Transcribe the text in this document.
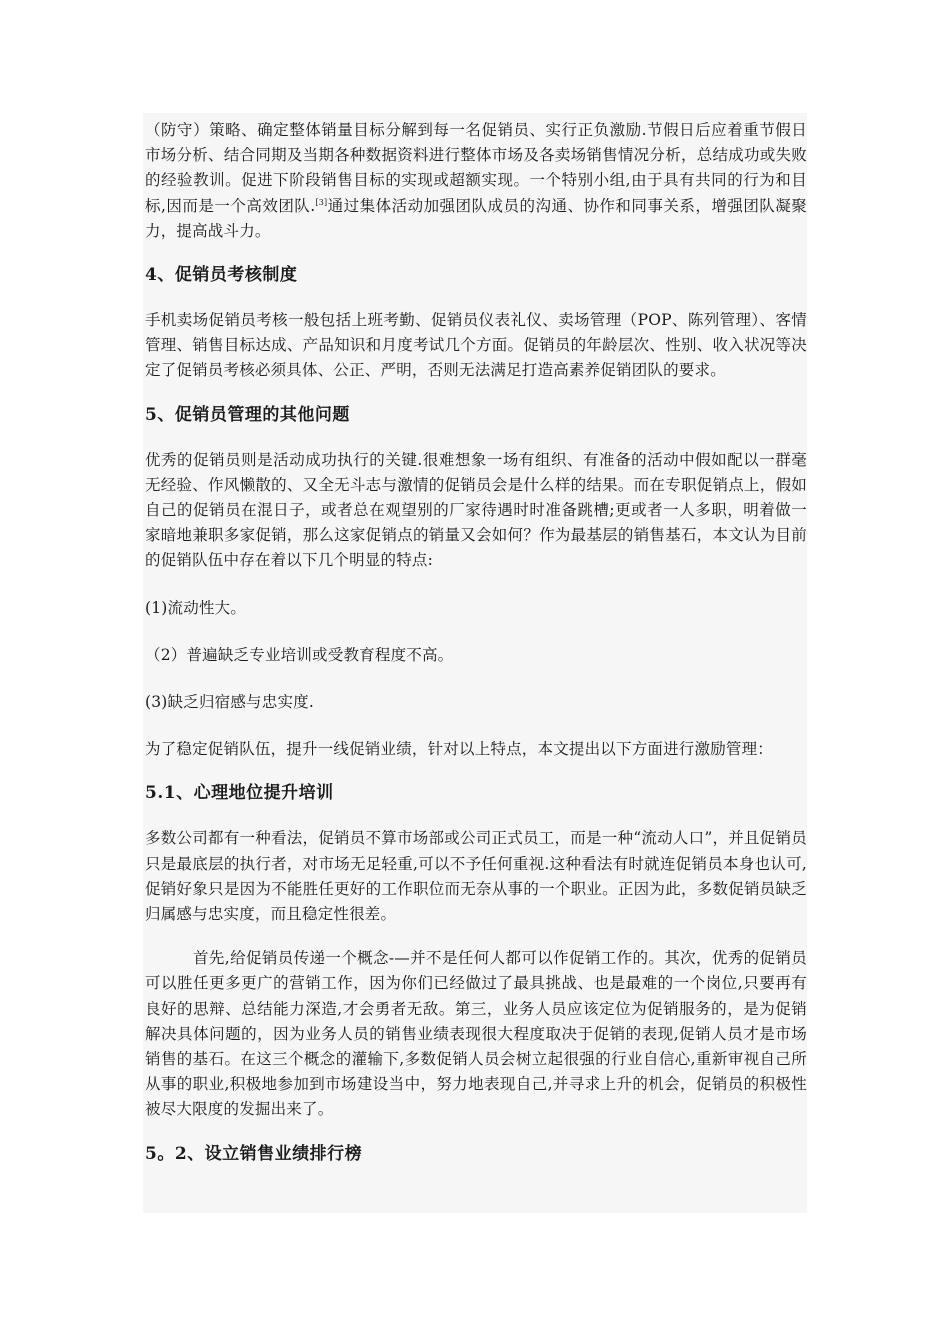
（防守）策略、确定整体销量目标分解到每一名促销员、实行正负激励.节假日后应着重节假日市场分析、结合同期及当期各种数据资料进行整体市场及各卖场销售情况分析，总结成功或失败的经验教训。促进下阶段销售目标的实现或超额实现。一个特别小组,由于具有共同的行为和目标,因而是一个高效团队.[3]通过集体活动加强团队成员的沟通、协作和同事关系，增强团队凝聚力，提高战斗力。

4、促销员考核制度

手机卖场促销员考核一般包括上班考勤、促销员仪表礼仪、卖场管理（POP、陈列管理）、客情管理、销售目标达成、产品知识和月度考试几个方面。促销员的年龄层次、性别、收入状况等决定了促销员考核必须具体、公正、严明，否则无法满足打造高素养促销团队的要求。

5、促销员管理的其他问题

优秀的促销员则是活动成功执行的关键.很难想象一场有组织、有准备的活动中假如配以一群毫无经验、作风懒散的、又全无斗志与激情的促销员会是什么样的结果。而在专职促销点上，假如自己的促销员在混日子，或者总在观望别的厂家待遇时时准备跳槽;更或者一人多职，明着做一家暗地兼职多家促销，那么这家促销点的销量又会如何？作为最基层的销售基石，本文认为目前的促销队伍中存在着以下几个明显的特点:

(1)流动性大。

（2）普遍缺乏专业培训或受教育程度不高。

(3)缺乏归宿感与忠实度.

为了稳定促销队伍，提升一线促销业绩，针对以上特点，本文提出以下方面进行激励管理：

5.1、心理地位提升培训

多数公司都有一种看法，促销员不算市场部或公司正式员工，而是一种“流动人口”，并且促销员只是最底层的执行者，对市场无足轻重,可以不予任何重视.这种看法有时就连促销员本身也认可,促销好象只是因为不能胜任更好的工作职位而无奈从事的一个职业。正因为此，多数促销员缺乏归属感与忠实度，而且稳定性很差。

首先,给促销员传递一个概念-—并不是任何人都可以作促销工作的。其次，优秀的促销员可以胜任更多更广的营销工作，因为你们已经做过了最具挑战、也是最难的一个岗位,只要再有良好的思辩、总结能力深造,才会勇者无敌。第三，业务人员应该定位为促销服务的，是为促销解决具体问题的，因为业务人员的销售业绩表现很大程度取决于促销的表现,促销人员才是市场销售的基石。在这三个概念的灌输下,多数促销人员会树立起很强的行业自信心,重新审视自己所从事的职业,积极地参加到市场建设当中，努力地表现自己,并寻求上升的机会，促销员的积极性被尽大限度的发掘出来了。

5。2、设立销售业绩排行榜
